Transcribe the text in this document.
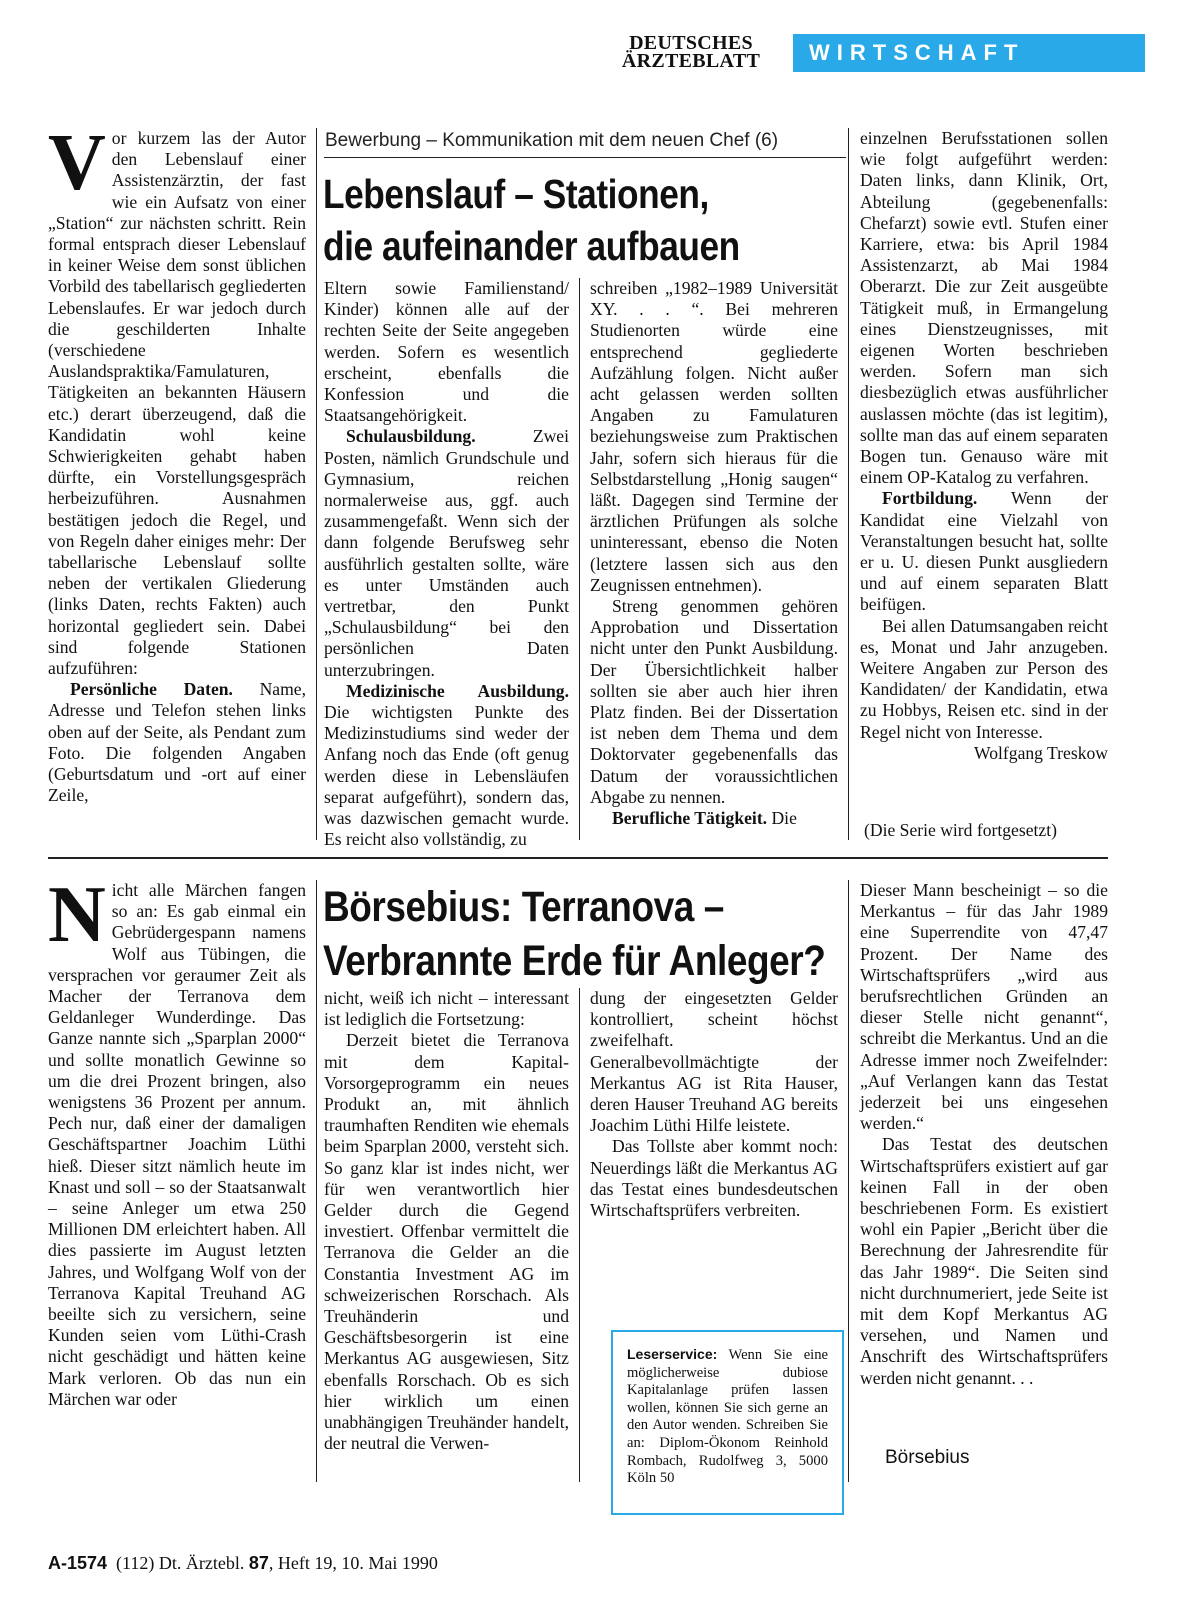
DEUTSCHES
ÄRZTEBLATT	WIRTSCHAFT

Vor kurzem las der Autor den Lebenslauf einer Assistenzärztin, der fast wie ein Aufsatz von einer „Station“ zur nächsten schritt. Rein formal entsprach dieser Lebenslauf in keiner Weise dem sonst üblichen Vorbild des tabellarisch gegliederten Lebenslaufes. Er war jedoch durch die geschilderten Inhalte (verschiedene Auslandspraktika/Famulaturen, Tätigkeiten an bekannten Häusern etc.) derart überzeugend, daß die Kandidatin wohl keine Schwierigkeiten gehabt haben dürfte, ein Vorstellungsgespräch herbeizuführen. Ausnahmen bestätigen jedoch die Regel, und von Regeln daher einiges mehr: Der tabellarische Lebenslauf sollte neben der vertikalen Gliederung (links Daten, rechts Fakten) auch horizontal gegliedert sein. Dabei sind folgende Stationen aufzuführen:

Persönliche Daten. Name, Adresse und Telefon stehen links oben auf der Seite, als Pendant zum Foto. Die folgenden Angaben (Geburtsdatum und -ort auf einer Zeile,

Bewerbung – Kommunikation mit dem neuen Chef (6)
Lebenslauf – Stationen,
die aufeinander aufbauen

Eltern sowie Familienstand/ Kinder) können alle auf der rechten Seite der Seite angegeben werden. Sofern es wesentlich erscheint, ebenfalls die Konfession und die Staatsangehörigkeit.

Schulausbildung. Zwei Posten, nämlich Grundschule und Gymnasium, reichen normalerweise aus, ggf. auch zusammengefaßt. Wenn sich der dann folgende Berufsweg sehr ausführlich gestalten sollte, wäre es unter Umständen auch vertretbar, den Punkt „Schulausbildung“ bei den persönlichen Daten unterzubringen.

Medizinische Ausbildung. Die wichtigsten Punkte des Medizinstudiums sind weder der Anfang noch das Ende (oft genug werden diese in Lebensläufen separat aufgeführt), sondern das, was dazwischen gemacht wurde. Es reicht also vollständig, zu

schreiben „1982–1989 Universität XY. . . “. Bei mehreren Studienorten würde eine entsprechend gegliederte Aufzählung folgen. Nicht außer acht gelassen werden sollten Angaben zu Famulaturen beziehungsweise zum Praktischen Jahr, sofern sich hieraus für die Selbstdarstellung „Honig saugen“ läßt. Dagegen sind Termine der ärztlichen Prüfungen als solche uninteressant, ebenso die Noten (letztere lassen sich aus den Zeugnissen entnehmen).

Streng genommen gehören Approbation und Dissertation nicht unter den Punkt Ausbildung. Der Übersichtlichkeit halber sollten sie aber auch hier ihren Platz finden. Bei der Dissertation ist neben dem Thema und dem Doktorvater gegebenenfalls das Datum der voraussichtlichen Abgabe zu nennen.

Berufliche Tätigkeit. Die

einzelnen Berufsstationen sollen wie folgt aufgeführt werden: Daten links, dann Klinik, Ort, Abteilung (gegebenenfalls: Chefarzt) sowie evtl. Stufen einer Karriere, etwa: bis April 1984 Assistenzarzt, ab Mai 1984 Oberarzt. Die zur Zeit ausgeübte Tätigkeit muß, in Ermangelung eines Dienstzeugnisses, mit eigenen Worten beschrieben werden. Sofern man sich diesbezüglich etwas ausführlicher auslassen möchte (das ist legitim), sollte man das auf einem separaten Bogen tun. Genauso wäre mit einem OP-Katalog zu verfahren.

Fortbildung. Wenn der Kandidat eine Vielzahl von Veranstaltungen besucht hat, sollte er u. U. diesen Punkt ausgliedern und auf einem separaten Blatt beifügen.

Bei allen Datumsangaben reicht es, Monat und Jahr anzugeben. Weitere Angaben zur Person des Kandidaten/ der Kandidatin, etwa zu Hobbys, Reisen etc. sind in der Regel nicht von Interesse.

Wolfgang Treskow

(Die Serie wird fortgesetzt)

Nicht alle Märchen fangen so an: Es gab einmal ein Gebrüdergespann namens Wolf aus Tübingen, die versprachen vor geraumer Zeit als Macher der Terranova dem Geldanleger Wunderdinge. Das Ganze nannte sich „Sparplan 2000“ und sollte monatlich Gewinne so um die drei Prozent bringen, also wenigstens 36 Prozent per annum. Pech nur, daß einer der damaligen Geschäftspartner Joachim Lüthi hieß. Dieser sitzt nämlich heute im Knast und soll – so der Staatsanwalt – seine Anleger um etwa 250 Millionen DM erleichtert haben. All dies passierte im August letzten Jahres, und Wolfgang Wolf von der Terranova Kapital Treuhand AG beeilte sich zu versichern, seine Kunden seien vom Lüthi-Crash nicht geschädigt und hätten keine Mark verloren. Ob das nun ein Märchen war oder

Börsebius: Terranova –
Verbrannte Erde für Anleger?

nicht, weiß ich nicht – interessant ist lediglich die Fortsetzung:

Derzeit bietet die Terranova mit dem Kapital-Vorsorgeprogramm ein neues Produkt an, mit ähnlich traumhaften Renditen wie ehemals beim Sparplan 2000, versteht sich. So ganz klar ist indes nicht, wer für wen verantwortlich hier Gelder durch die Gegend investiert. Offenbar vermittelt die Terranova die Gelder an die Constantia Investment AG im schweizerischen Rorschach. Als Treuhänderin und Geschäftsbesorgerin ist eine Merkantus AG ausgewiesen, Sitz ebenfalls Rorschach. Ob es sich hier wirklich um einen unabhängigen Treuhänder handelt, der neutral die Verwen-

dung der eingesetzten Gelder kontrolliert, scheint höchst zweifelhaft. Generalbevollmächtigte der Merkantus AG ist Rita Hauser, deren Hauser Treuhand AG bereits Joachim Lüthi Hilfe leistete.

Das Tollste aber kommt noch: Neuerdings läßt die Merkantus AG das Testat eines bundesdeutschen Wirtschaftsprüfers verbreiten.

Leserservice: Wenn Sie eine möglicherweise dubiose Kapitalanlage prüfen lassen wollen, können Sie sich gerne an den Autor wenden. Schreiben Sie an: Diplom-Ökonom Reinhold Rombach, Rudolfweg 3, 5000 Köln 50

Dieser Mann bescheinigt – so die Merkantus – für das Jahr 1989 eine Superrendite von 47,47 Prozent. Der Name des Wirtschaftsprüfers „wird aus berufsrechtlichen Gründen an dieser Stelle nicht genannt“, schreibt die Merkantus. Und an die Adresse immer noch Zweifelnder: „Auf Verlangen kann das Testat jederzeit bei uns eingesehen werden.“

Das Testat des deutschen Wirtschaftsprüfers existiert auf gar keinen Fall in der oben beschriebenen Form. Es existiert wohl ein Papier „Bericht über die Berechnung der Jahresrendite für das Jahr 1989“. Die Seiten sind nicht durchnumeriert, jede Seite ist mit dem Kopf Merkantus AG versehen, und Namen und Anschrift des Wirtschaftsprüfers werden nicht genannt. . .

Börsebius
A-1574  (112) Dt. Ärztebl. 87, Heft 19, 10. Mai 1990
